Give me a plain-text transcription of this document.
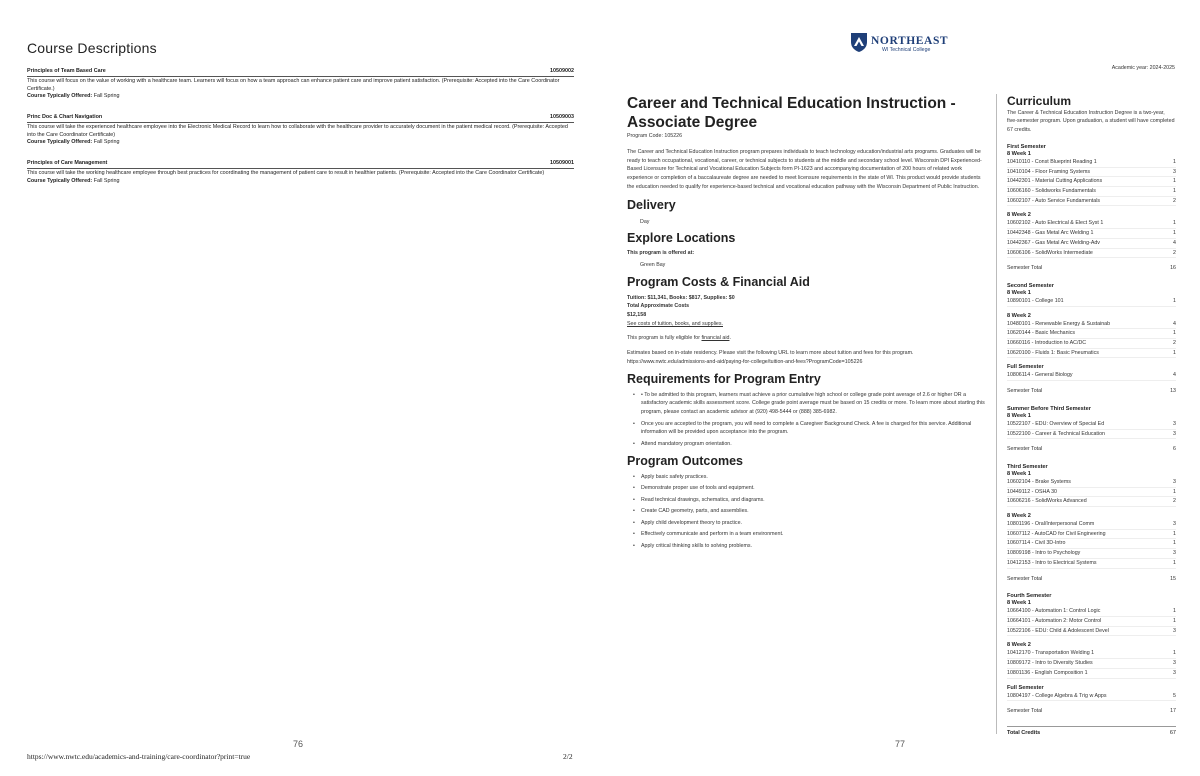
Course Descriptions
Principles of Team Based Care	10509002
This course will focus on the value of working with a healthcare team. Learners will focus on how a team approach can enhance patient care and improve patient satisfaction. (Prerequisite: Accepted into the Care Coordinator Certificate.)
Course Typically Offered: Fall Spring
Princ Doc & Chart Navigation	10509003
This course will take the experienced healthcare employee into the Electronic Medical Record to learn how to collaborate with the healthcare provider to accurately document in the patient medical record. (Prerequisite: Accepted into the Care Coordinator Certificate)
Course Typically Offered: Fall Spring
Principles of Care Management	10509001
This course will take the working healthcare employee through best practices for coordinating the management of patient care to result in healthier patients. (Prerequisite: Accepted into the Care Coordinator Certificate)
Course Typically Offered: Fall Spring
76
https://www.nwtc.edu/academics-and-training/care-coordinator?print=true	2/2
NORTHEAST
WI Technical College
Academic year: 2024-2025
Career and Technical Education Instruction - Associate Degree
Program Code: 105226

The Career and Technical Education Instruction program prepares individuals to teach technology education/industrial arts programs. Graduates will be ready to teach occupational, vocational, career, or technical subjects to students at the middle and secondary school level. Wisconsin DPI Experienced-Based Licensure for Technical and Vocational Education Subjects form PI-1623 and accompanying documentation of 200 hours of related work experience or completion of a baccalaureate degree are needed to meet licensure requirements in the state of WI. This product would provide students the education needed to qualify for experience-based technical and vocational education pathway with the Wisconsin Department of Public Instruction.

Delivery
Day
Explore Locations
This program is offered at:
Green Bay
Program Costs & Financial Aid
Tuition: $11,341, Books: $817, Supplies: $0
Total Approximate Costs
$12,158
See costs of tuition, books, and supplies.
This program is fully eligible for financial aid.
Estimates based on in-state residency. Please visit the following URL to learn more about tuition and fees for this program.
https://www.nwtc.edu/admissions-and-aid/paying-for-college/tuition-and-fees?ProgramCode=105226
Requirements for Program Entry
• • To be admitted to this program, learners must achieve a prior cumulative high school or college grade point average of 2.6 or higher OR a satisfactory academic skills assessment score. College grade point average must be based on 15 credits or more. To learn more about starting this program, please contact an academic advisor at (920) 498-5444 or (888) 385-6982.
• Once you are accepted to the program, you will need to complete a Caregiver Background Check. A fee is charged for this service. Additional information will be provided upon acceptance into the program.
• Attend mandatory program orientation.
Program Outcomes
• Apply basic safety practices.
• Demonstrate proper use of tools and equipment.
• Read technical drawings, schematics, and diagrams.
• Create CAD geometry, parts, and assemblies.
• Apply child development theory to practice.
• Effectively communicate and perform in a team environment.
• Apply critical thinking skills to solving problems.
Curriculum
The Career & Technical Education Instruction Degree is a two-year, five-semester program. Upon graduation, a student will have completed 67 credits.
First Semester
8 Week 1
10410110 - Const Blueprint Reading 1	1
10410104 - Floor Framing Systems	3
10442301 - Material Cutting Applications	1
10606160 - Solidworks Fundamentals	1
10602107 - Auto Service Fundamentals	2
8 Week 2
10602102 - Auto Electrical & Elect Syst 1	1
10442348 - Gas Metal Arc Welding 1	1
10442367 - Gas Metal Arc Welding-Adv	4
10606106 - SolidWorks Intermediate	2
Semester Total	16
Second Semester
8 Week 1
10890101 - College 101	1
8 Week 2
10480101 - Renewable Energy & Sustainab	4
10620144 - Basic Mechanics	1
10660116 - Introduction to AC/DC	2
10620100 - Fluids 1: Basic Pneumatics	1
Full Semester
10806114 - General Biology	4
Semester Total	13
Summer Before Third Semester
8 Week 1
10522107 - EDU: Overview of Special Ed	3
10522100 - Career & Technical Education	3
Semester Total	6
Third Semester
8 Week 1
10602104 - Brake Systems	3
10449112 - OSHA 30	1
10606216 - SolidWorks Advanced	2
8 Week 2
10801196 - Oral/Interpersonal Comm	3
10607112 - AutoCAD for Civil Engineering	1
10607114 - Civil 3D-Intro	1
10809198 - Intro to Psychology	3
10412153 - Intro to Electrical Systems	1
Semester Total	15
Fourth Semester
8 Week 1
10664100 - Automation 1: Control Logic	1
10664101 - Automation 2: Motor Control	1
10522106 - EDU: Child & Adolescent Devel	3
8 Week 2
10412170 - Transportation Welding 1	1
10809172 - Intro to Diversity Studies	3
10801136 - English Composition 1	3
Full Semester
10804197 - College Algebra & Trig w Apps	5
Semester Total	17
Total Credits	67
77
